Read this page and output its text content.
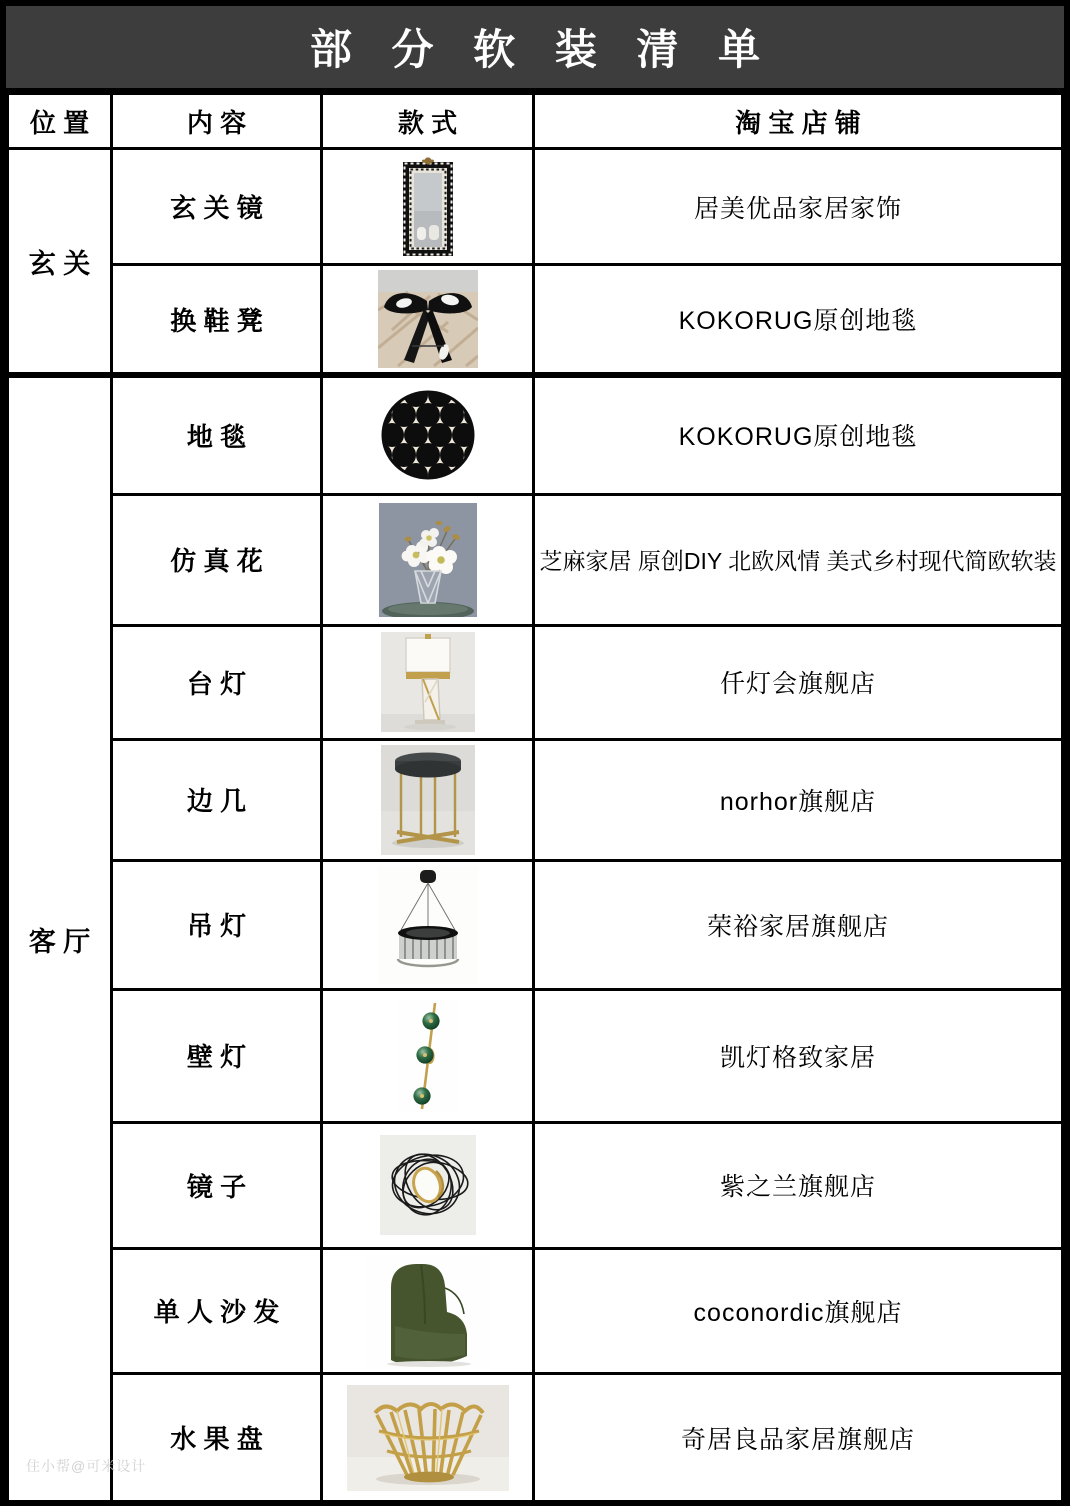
部 分 软 装 清 单
位 置	内 容	款 式	淘 宝 店 铺
玄 关	玄 关 镜		居美优品家居家饰
	换 鞋 凳		KOKORUG原创地毯
客 厅	地 毯		KOKORUG原创地毯
	仿 真 花		芝麻家居 原创DIY 北欧风情 美式乡村现代简欧软装
	台 灯		仟灯会旗舰店
	边 几		norhor旗舰店
	吊 灯		荣裕家居旗舰店
	壁 灯		凯灯格致家居
	镜 子		紫之兰旗舰店
	单 人 沙 发		coconordic旗舰店
	水 果 盘		奇居良品家居旗舰店
住小帮@可米设计
